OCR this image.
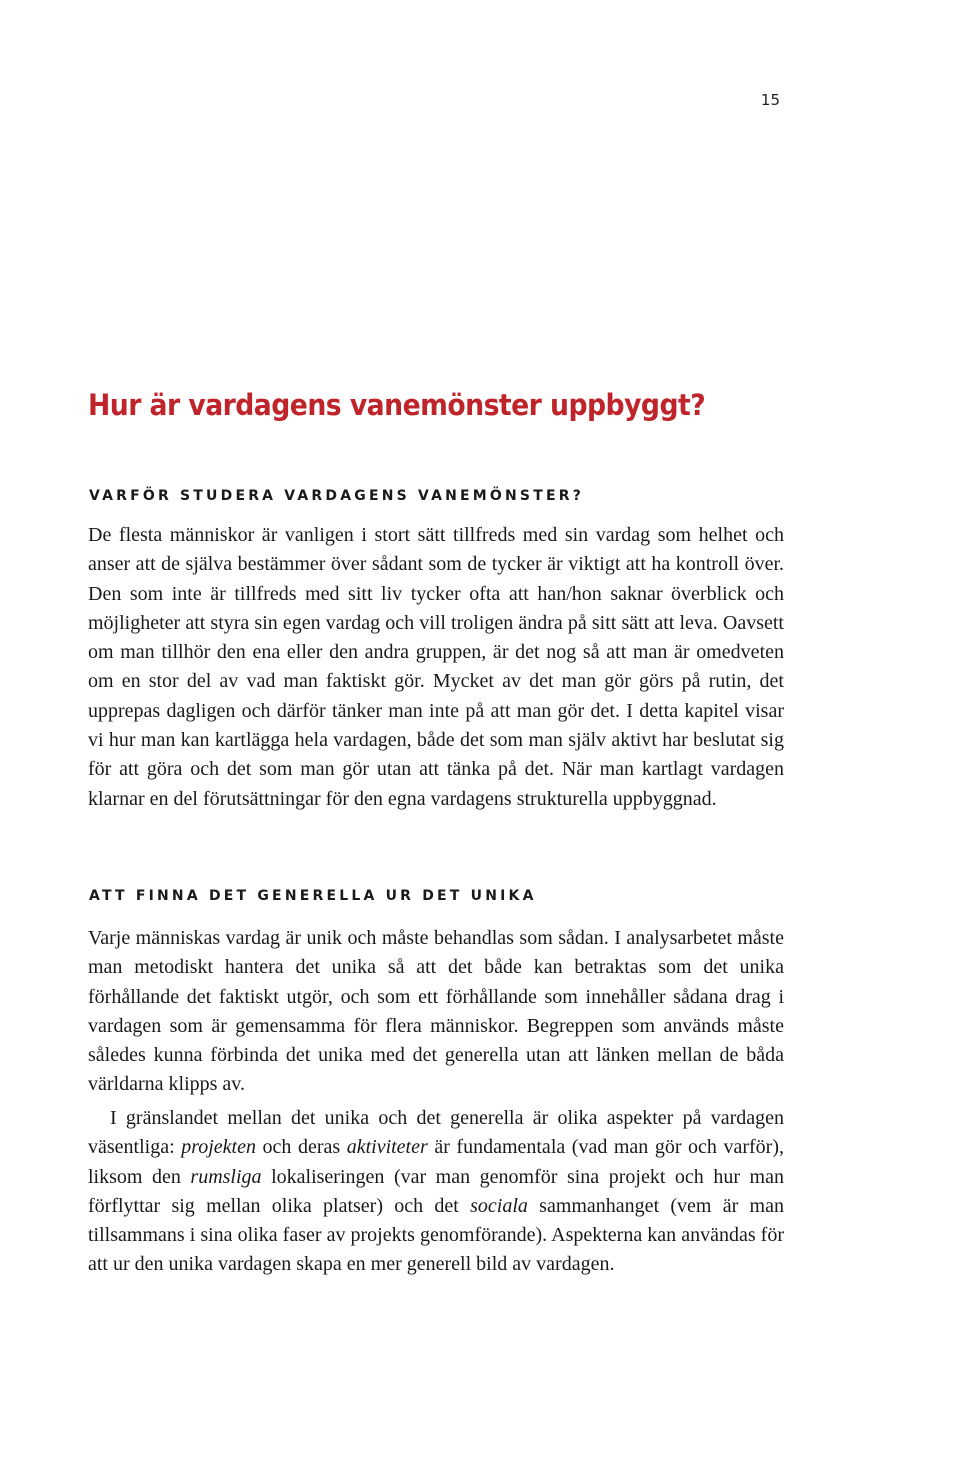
15
Hur är vardagens vanemönster uppbyggt?
VARFÖR STUDERA VARDAGENS VANEMÖNSTER?

De flesta människor är vanligen i stort sätt tillfreds med sin vardag som helhet och anser att de själva bestämmer över sådant som de tycker är viktigt att ha kontroll över. Den som inte är tillfreds med sitt liv tycker ofta att han/hon saknar överblick och möjligheter att styra sin egen vardag och vill troligen ändra på sitt sätt att leva. Oavsett om man tillhör den ena eller den andra gruppen, är det nog så att man är omedveten om en stor del av vad man faktiskt gör. Mycket av det man gör görs på rutin, det upprepas dagligen och därför tänker man inte på att man gör det. I detta kapitel visar vi hur man kan kartlägga hela vardagen, både det som man själv aktivt har beslutat sig för att göra och det som man gör utan att tänka på det. När man kartlagt vardagen klarnar en del förutsättningar för den egna vardagens strukturella uppbyggnad.

ATT FINNA DET GENERELLA UR DET UNIKA

Varje människas vardag är unik och måste behandlas som sådan. I analysarbetet måste man metodiskt hantera det unika så att det både kan betraktas som det unika förhållande det faktiskt utgör, och som ett förhållande som innehåller sådana drag i vardagen som är gemensamma för flera människor. Begreppen som används måste således kunna förbinda det unika med det generella utan att länken mellan de båda världarna klipps av.

I gränslandet mellan det unika och det generella är olika aspekter på vardagen väsentliga: projekten och deras aktiviteter är fundamentala (vad man gör och varför), liksom den rumsliga lokaliseringen (var man genomför sina projekt och hur man förflyttar sig mellan olika platser) och det sociala sammanhanget (vem är man tillsammans i sina olika faser av projekts genomförande). Aspekterna kan användas för att ur den unika vardagen skapa en mer generell bild av vardagen.
